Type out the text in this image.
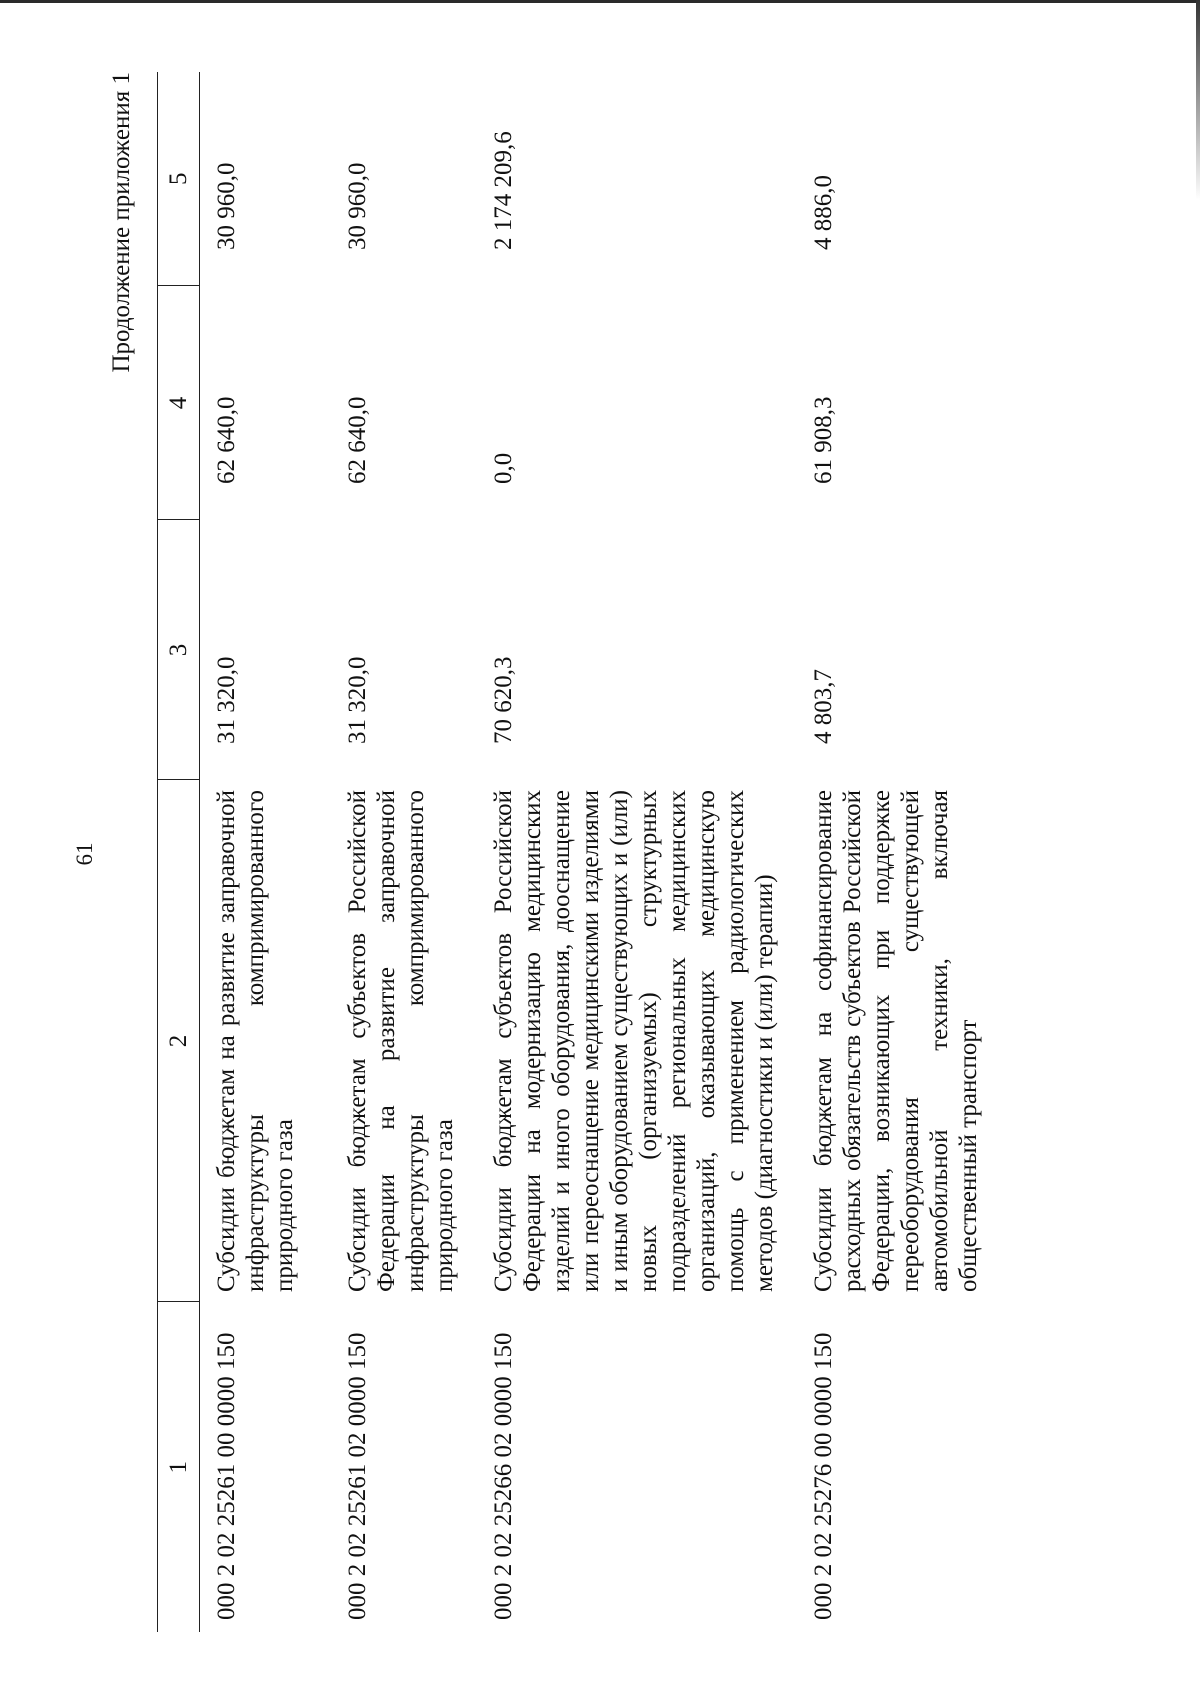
61
Продолжение приложения 1
1	2	3	4	5
000 2 02 25261 00 0000 150	Субсидии бюджетам на развитие заправочной инфраструктуры компримированного природного газа	31 320,0	62 640,0	30 960,0
000 2 02 25261 02 0000 150	Субсидии бюджетам субъектов Российской Федерации на развитие заправочной инфраструктуры компримированного природного газа	31 320,0	62 640,0	30 960,0
000 2 02 25266 02 0000 150	Субсидии бюджетам субъектов Российской Федерации на модернизацию медицинских изделий и иного оборудования, дооснащение или переоснащение медицинскими изделиями и иным оборудованием существующих и (или) новых (организуемых) структурных подразделений региональных медицинских организаций, оказывающих медицинскую помощь с применением радиологических методов (диагностики и (или) терапии)	70 620,3	0,0	2 174 209,6
000 2 02 25276 00 0000 150	Субсидии бюджетам на софинансирование расходных обязательств субъектов Российской Федерации, возникающих при поддержке переоборудования существующей автомобильной техники, включая общественный транспорт	4 803,7	61 908,3	4 886,0
